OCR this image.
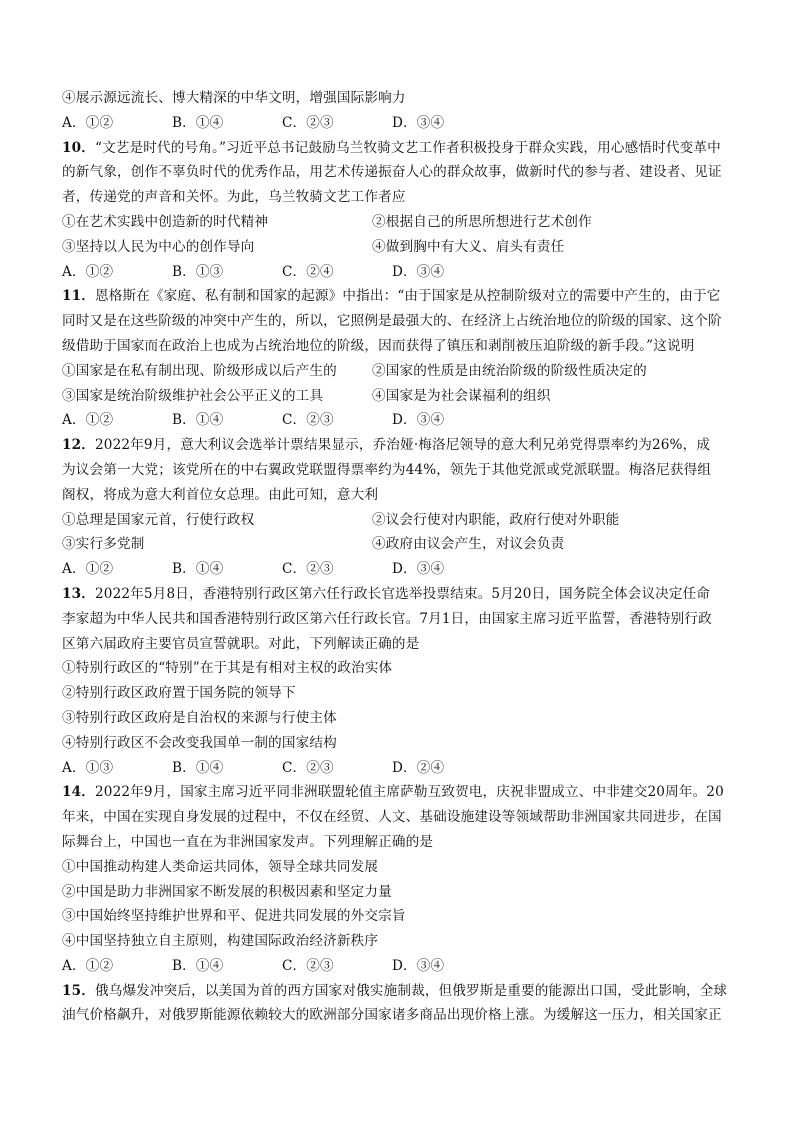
④展示源远流长、博大精深的中华文明，增强国际影响力
A．①②	B．①④	C．②③	D．③④
10．“文艺是时代的号角。”习近平总书记鼓励乌兰牧骑文艺工作者积极投身于群众实践，用心感悟时代变革中
的新气象，创作不辜负时代的优秀作品，用艺术传递振奋人心的群众故事，做新时代的参与者、建设者、见证
者，传递党的声音和关怀。为此，乌兰牧骑文艺工作者应
①在艺术实践中创造新的时代精神	②根据自己的所思所想进行艺术创作
③坚持以人民为中心的创作导向	④做到胸中有大义、肩头有责任
A．①②	B．①③	C．②④	D．③④
11．恩格斯在《家庭、私有制和国家的起源》中指出：“由于国家是从控制阶级对立的需要中产生的，由于它
同时又是在这些阶级的冲突中产生的，所以，它照例是最强大的、在经济上占统治地位的阶级的国家、这个阶
级借助于国家而在政治上也成为占统治地位的阶级，因而获得了镇压和剥削被压迫阶级的新手段。”这说明
①国家是在私有制出现、阶级形成以后产生的	②国家的性质是由统治阶级的阶级性质决定的
③国家是统治阶级维护社会公平正义的工具	④国家是为社会谋福利的组织
A．①②	B．①④	C．②③	D．③④
12．2022年9月，意大利议会选举计票结果显示，乔治娅·梅洛尼领导的意大利兄弟党得票率约为26%，成
为议会第一大党；该党所在的中右翼政党联盟得票率约为44%，领先于其他党派或党派联盟。梅洛尼获得组
阁权，将成为意大利首位女总理。由此可知，意大利
①总理是国家元首，行使行政权	②议会行使对内职能，政府行使对外职能
③实行多党制	④政府由议会产生，对议会负责
A．①②	B．①④	C．②③	D．③④
13．2022年5月8日，香港特别行政区第六任行政长官选举投票结束。5月20日，国务院全体会议决定任命
李家超为中华人民共和国香港特别行政区第六任行政长官。7月1日，由国家主席习近平监誓，香港特别行政
区第六届政府主要官员宣誓就职。对此，下列解读正确的是
①特别行政区的“特别”在于其是有相对主权的政治实体
②特别行政区政府置于国务院的领导下
③特别行政区政府是自治权的来源与行使主体
④特别行政区不会改变我国单一制的国家结构
A．①③	B．①④	C．②③	D．②④
14．2022年9月，国家主席习近平同非洲联盟轮值主席萨勒互致贺电，庆祝非盟成立、中非建交20周年。20
年来，中国在实现自身发展的过程中，不仅在经贸、人文、基础设施建设等领域帮助非洲国家共同进步，在国
际舞台上，中国也一直在为非洲国家发声。下列理解正确的是
①中国推动构建人类命运共同体，领导全球共同发展
②中国是助力非洲国家不断发展的积极因素和坚定力量
③中国始终坚持维护世界和平、促进共同发展的外交宗旨
④中国坚持独立自主原则，构建国际政治经济新秩序
A．①②	B．①④	C．②③	D．③④
15．俄乌爆发冲突后，以美国为首的西方国家对俄实施制裁，但俄罗斯是重要的能源出口国，受此影响，全球
油气价格飙升，对俄罗斯能源依赖较大的欧洲部分国家诸多商品出现价格上涨。为缓解这一压力，相关国家正
